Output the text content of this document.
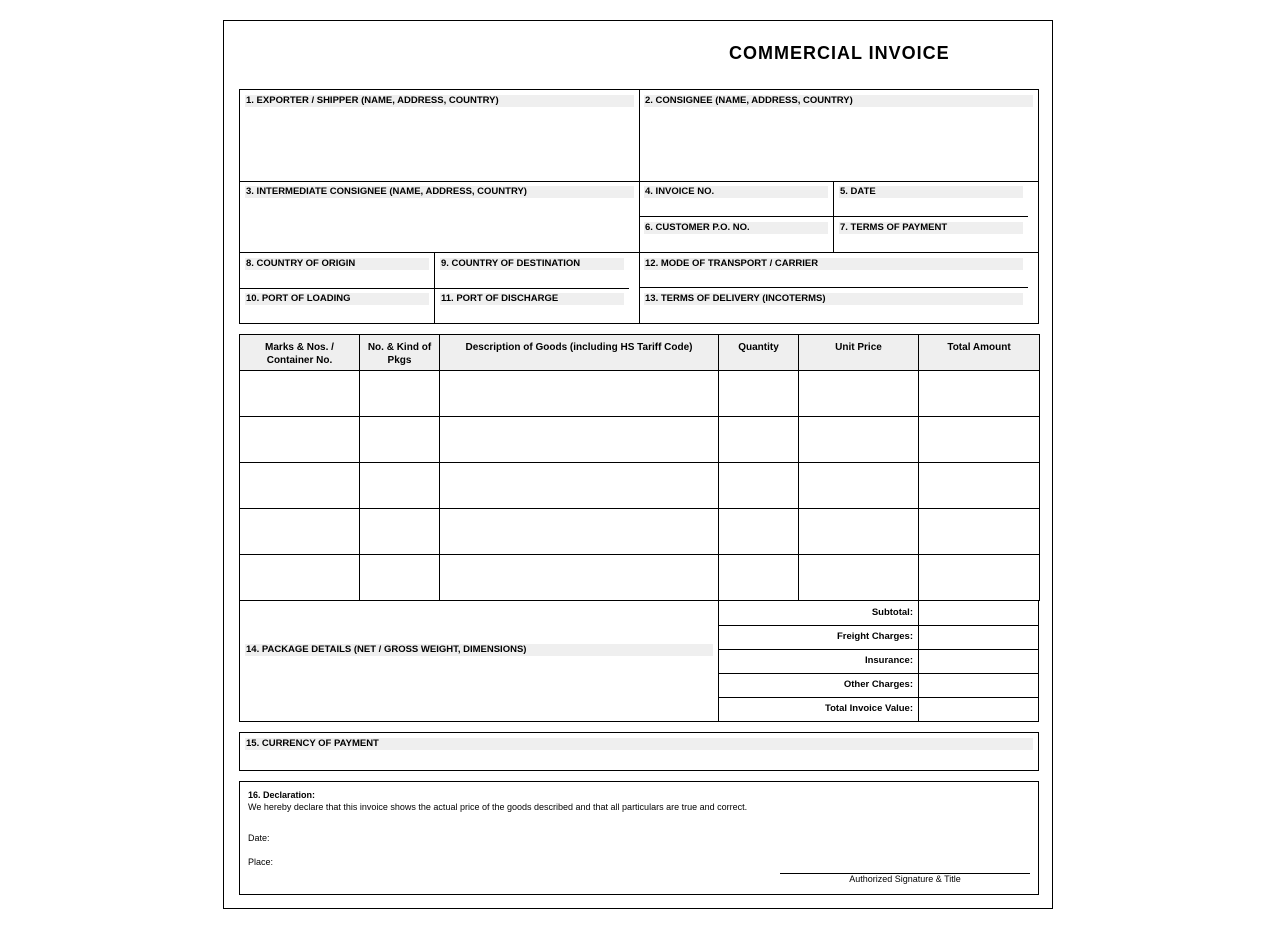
COMMERCIAL INVOICE
1. EXPORTER / SHIPPER (NAME, ADDRESS, COUNTRY)	2. CONSIGNEE (NAME, ADDRESS, COUNTRY)
3. INTERMEDIATE CONSIGNEE (NAME, ADDRESS, COUNTRY)	4. INVOICE NO.	5. DATE
6. CUSTOMER P.O. NO.	7. TERMS OF PAYMENT
8. COUNTRY OF ORIGIN	9. COUNTRY OF DESTINATION	12. MODE OF TRANSPORT / CARRIER
10. PORT OF LOADING	11. PORT OF DISCHARGE	13. TERMS OF DELIVERY (INCOTERMS)
Marks & Nos. / Container No.	No. & Kind of Pkgs	Description of Goods (including HS Tariff Code)	Quantity	Unit Price	Total Amount

14. PACKAGE DETAILS (NET / GROSS WEIGHT, DIMENSIONS)
Subtotal:
Freight Charges:
Insurance:
Other Charges:
Total Invoice Value:
15. CURRENCY OF PAYMENT
16. Declaration:
We hereby declare that this invoice shows the actual price of the goods described and that all particulars are true and correct.
Date:
Place:
Authorized Signature & Title
